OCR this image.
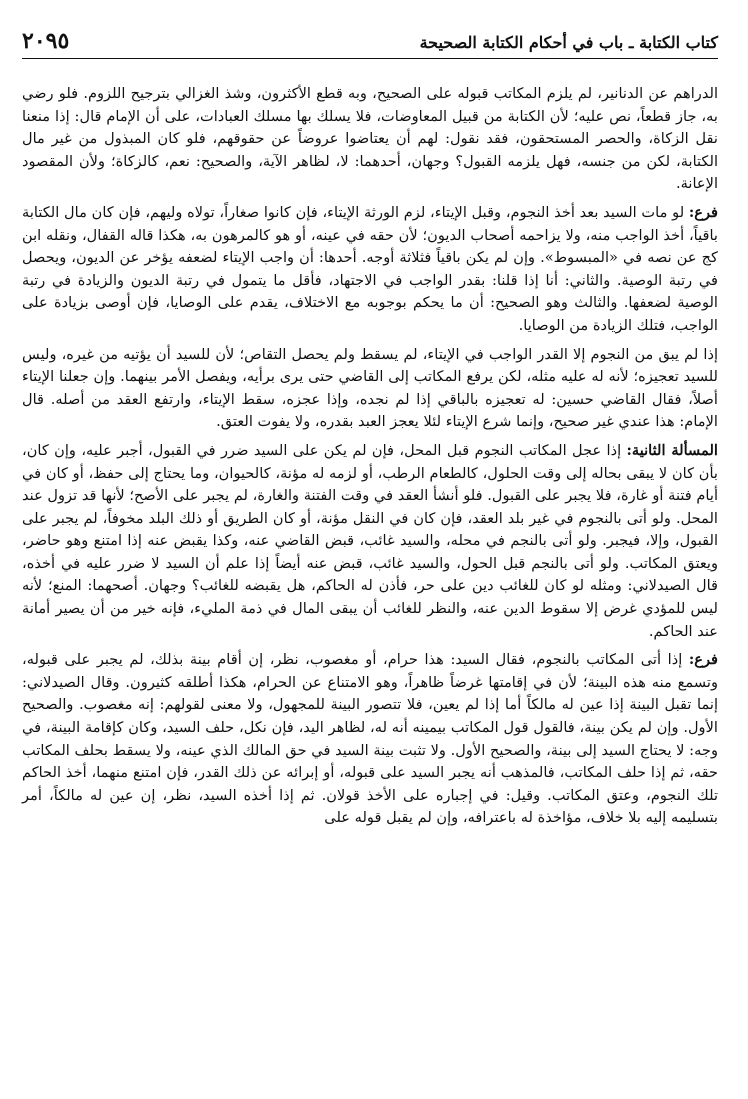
كتاب الكتابة ـ باب في أحكام الكتابة الصحيحة
٢٠٩٥

الدراهم عن الدنانير، لم يلزم المكاتب قبوله على الصحيح، وبه قطع الأكثرون، وشذ الغزالي بترجيح اللزوم. فلو رضي به، جاز قطعاً، نص عليه؛ لأن الكتابة من قبيل المعاوضات، فلا يسلك بها مسلك العبادات، على أن الإمام قال: إذا منعنا نقل الزكاة، والحصر المستحقون، فقد نقول: لهم أن يعتاضوا عروضاً عن حقوقهم، فلو كان المبذول من غير مال الكتابة، لكن من جنسه، فهل يلزمه القبول؟ وجهان، أحدهما: لا، لظاهر الآية، والصحيح: نعم، كالزكاة؛ ولأن المقصود الإعانة.

فرع: لو مات السيد بعد أخذ النجوم، وقبل الإيتاء، لزم الورثة الإيتاء، فإن كانوا صغاراً، تولاه وليهم، فإن كان مال الكتابة باقياً، أخذ الواجب منه، ولا يزاحمه أصحاب الديون؛ لأن حقه في عينه، أو هو كالمرهون به، هكذا قاله القفال، ونقله ابن كج عن نصه في «المبسوط». وإن لم يكن باقياً فثلاثة أوجه. أحدها: أن واجب الإيتاء لضعفه يؤخر عن الديون، ويحصل في رتبة الوصية. والثاني: أنا إذا قلنا: بقدر الواجب في الاجتهاد، فأقل ما يتمول في رتبة الديون والزيادة في رتبة الوصية لضعفها. والثالث وهو الصحيح: أن ما يحكم بوجوبه مع الاختلاف، يقدم على الوصايا، فإن أوصى بزيادة على الواجب، فتلك الزيادة من الوصايا.

إذا لم يبق من النجوم إلا القدر الواجب في الإيتاء، لم يسقط ولم يحصل التقاص؛ لأن للسيد أن يؤتيه من غيره، وليس للسيد تعجيزه؛ لأنه له عليه مثله، لكن يرفع المكاتب إلى القاضي حتى يرى برأيه، ويفصل الأمر بينهما. وإن جعلنا الإيتاء أصلاً، فقال القاضي حسين: له تعجيزه بالباقي إذا لم نجده، وإذا عجزه، سقط الإيتاء، وارتفع العقد من أصله. قال الإمام: هذا عندي غير صحيح، وإنما شرع الإيتاء لئلا يعجز العبد بقدره، ولا يفوت العتق.

المسألة الثانية: إذا عجل المكاتب النجوم قبل المحل، فإن لم يكن على السيد ضرر في القبول، أجبر عليه، وإن كان، بأن كان لا يبقى بحاله إلى وقت الحلول، كالطعام الرطب، أو لزمه له مؤنة، كالحيوان، وما يحتاج إلى حفظ، أو كان في أيام فتنة أو غارة، فلا يجبر على القبول. فلو أنشأ العقد في وقت الفتنة والغارة، لم يجبر على الأصح؛ لأنها قد تزول عند المحل. ولو أتى بالنجوم في غير بلد العقد، فإن كان في النقل مؤنة، أو كان الطريق أو ذلك البلد مخوفاً، لم يجبر على القبول، وإلا، فيجبر. ولو أتى بالنجم في محله، والسيد غائب، قبض القاضي عنه، وكذا يقبض عنه إذا امتنع وهو حاضر، ويعتق المكاتب. ولو أتى بالنجم قبل الحول، والسيد غائب، قبض عنه أيضاً إذا علم أن السيد لا ضرر عليه في أخذه، قال الصيدلاني: ومثله لو كان للغائب دين على حر، فأذن له الحاكم، هل يقبضه للغائب؟ وجهان. أصحهما: المنع؛ لأنه ليس للمؤدي غرض إلا سقوط الدين عنه، والنظر للغائب أن يبقى المال في ذمة المليء، فإنه خير من أن يصير أمانة عند الحاكم.

فرع: إذا أتى المكاتب بالنجوم، فقال السيد: هذا حرام، أو مغصوب، نظر، إن أقام بينة بذلك، لم يجبر على قبوله، وتسمع منه هذه البينة؛ لأن في إقامتها غرضاً ظاهراً، وهو الامتناع عن الحرام، هكذا أطلقه كثيرون. وقال الصيدلاني: إنما تقبل البينة إذا عين له مالكاً أما إذا لم يعين، فلا تتصور البينة للمجهول، ولا معنى لقولهم: إنه مغصوب. والصحيح الأول. وإن لم يكن بينة، فالقول قول المكاتب بيمينه أنه له، لظاهر اليد، فإن نكل، حلف السيد، وكان كإقامة البينة، في وجه: لا يحتاج السيد إلى بينة، والصحيح الأول. ولا تثبت بينة السيد في حق المالك الذي عينه، ولا يسقط بحلف المكاتب حقه، ثم إذا حلف المكاتب، فالمذهب أنه يجبر السيد على قبوله، أو إبرائه عن ذلك القدر، فإن امتنع منهما، أخذ الحاكم تلك النجوم، وعتق المكاتب. وقيل: في إجباره على الأخذ قولان. ثم إذا أخذه السيد، نظر، إن عين له مالكاً، أمر بتسليمه إليه بلا خلاف، مؤاخذة له باعترافه، وإن لم يقبل قوله على
